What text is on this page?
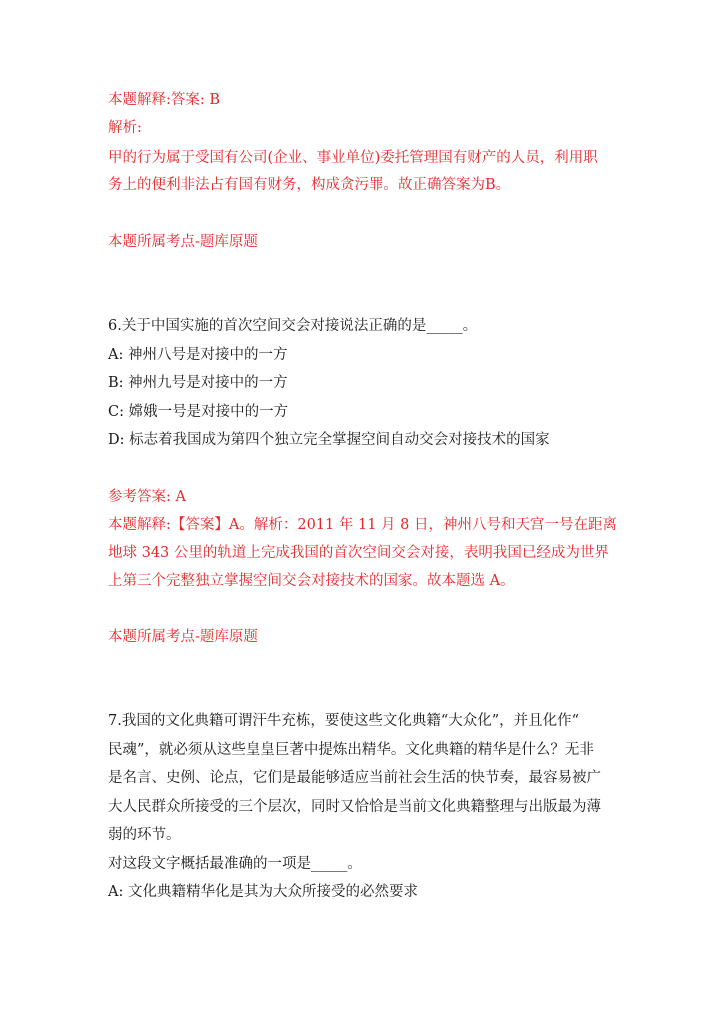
本题解释:答案: B
解析:
甲的行为属于受国有公司(企业、事业单位)委托管理国有财产的人员，利用职
务上的便利非法占有国有财务，构成贪污罪。故正确答案为B。
本题所属考点-题库原题
6.关于中国实施的首次空间交会对接说法正确的是_____。
A: 神州八号是对接中的一方
B: 神州九号是对接中的一方
C: 嫦娥一号是对接中的一方
D: 标志着我国成为第四个独立完全掌握空间自动交会对接技术的国家
参考答案: A
本题解释:【答案】A。解析：2011 年 11 月 8 日，神州八号和天宫一号在距离
地球 343 公里的轨道上完成我国的首次空间交会对接，表明我国已经成为世界
上第三个完整独立掌握空间交会对接技术的国家。故本题选 A。
本题所属考点-题库原题
7.我国的文化典籍可谓汗牛充栋，要使这些文化典籍“大众化”，并且化作“
民魂”，就必须从这些皇皇巨著中提炼出精华。文化典籍的精华是什么？无非
是名言、史例、论点，它们是最能够适应当前社会生活的快节奏，最容易被广
大人民群众所接受的三个层次，同时又恰恰是当前文化典籍整理与出版最为薄
弱的环节。
对这段文字概括最准确的一项是_____。
A: 文化典籍精华化是其为大众所接受的必然要求
